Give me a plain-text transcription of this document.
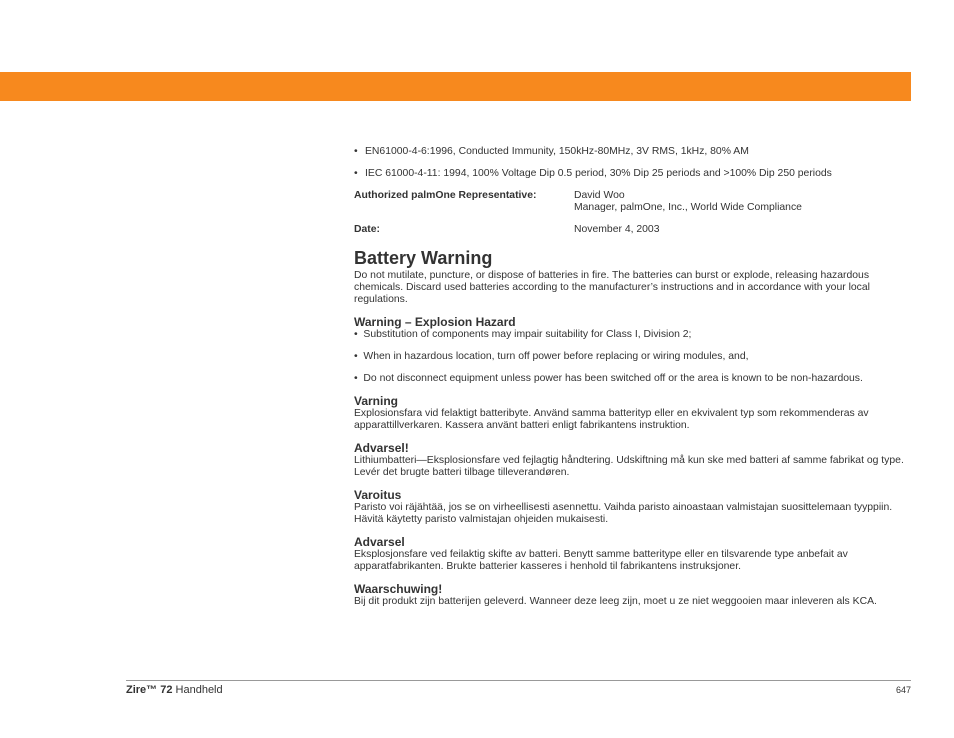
• EN61000-4-6:1996, Conducted Immunity, 150kHz-80MHz, 3V RMS, 1kHz, 80% AM
• IEC 61000-4-11: 1994, 100% Voltage Dip 0.5 period, 30% Dip 25 periods and >100% Dip 250 periods
Authorized palmOne Representative:	David Woo
Manager, palmOne, Inc., World Wide Compliance
Date:	November 4, 2003
Battery Warning

Do not mutilate, puncture, or dispose of batteries in fire. The batteries can burst or explode, releasing hazardous chemicals. Discard used batteries according to the manufacturer’s instructions and in accordance with your local regulations.

Warning – Explosion Hazard
•  Substitution of components may impair suitability for Class I, Division 2;
•  When in hazardous location, turn off power before replacing or wiring modules, and,
•  Do not disconnect equipment unless power has been switched off or the area is known to be non-hazardous.
Varning

Explosionsfara vid felaktigt batteribyte. Använd samma batterityp eller en ekvivalent typ som rekommenderas av apparattillverkaren. Kassera använt batteri enligt fabrikantens instruktion.

Advarsel!

Lithiumbatteri—Eksplosionsfare ved fejlagtig håndtering. Udskiftning må kun ske med batteri af samme fabrikat og type. Levér det brugte batteri tilbage tilleverandøren.

Varoitus

Paristo voi räjähtää, jos se on virheellisesti asennettu. Vaihda paristo ainoastaan valmistajan suosittelemaan tyyppiin. Hävitä käytetty paristo valmistajan ohjeiden mukaisesti.

Advarsel

Eksplosjonsfare ved feilaktig skifte av batteri. Benytt samme batteritype eller en tilsvarende type anbefait av apparatfabrikanten. Brukte batterier kasseres i henhold til fabrikantens instruksjoner.

Waarschuwing!

Bij dit produkt zijn batterijen geleverd. Wanneer deze leeg zijn, moet u ze niet weggooien maar inleveren als KCA.

Zire™ 72 Handheld	647
